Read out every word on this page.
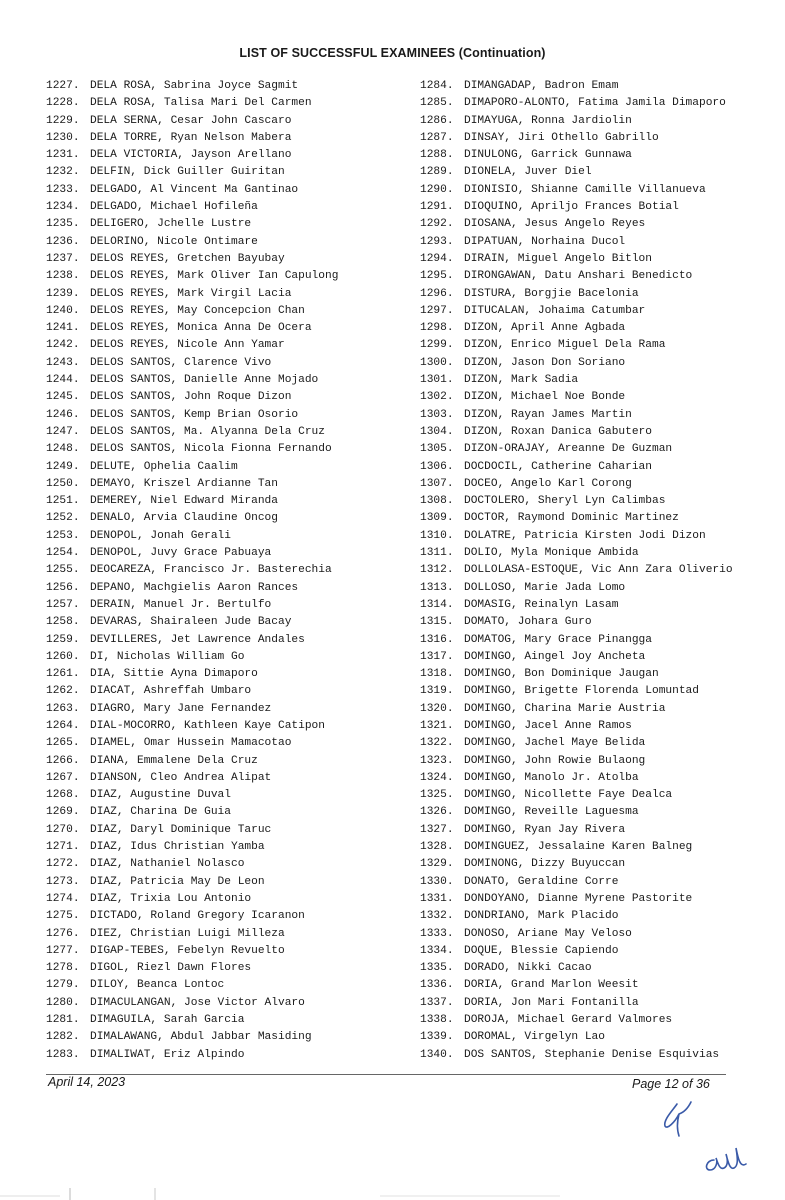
LIST OF SUCCESSFUL EXAMINEES (Continuation)
1227. DELA ROSA, Sabrina Joyce Sagmit
1228. DELA ROSA, Talisa Mari Del Carmen
1229. DELA SERNA, Cesar John Cascaro
1230. DELA TORRE, Ryan Nelson Mabera
1231. DELA VICTORIA, Jayson Arellano
1232. DELFIN, Dick Guiller Guiritan
1233. DELGADO, Al Vincent Ma Gantinao
1234. DELGADO, Michael Hofileña
1235. DELIGERO, Jchelle Lustre
1236. DELORINO, Nicole Ontimare
1237. DELOS REYES, Gretchen Bayubay
1238. DELOS REYES, Mark Oliver Ian Capulong
1239. DELOS REYES, Mark Virgil Lacia
1240. DELOS REYES, May Concepcion Chan
1241. DELOS REYES, Monica Anna De Ocera
1242. DELOS REYES, Nicole Ann Yamar
1243. DELOS SANTOS, Clarence Vivo
1244. DELOS SANTOS, Danielle Anne Mojado
1245. DELOS SANTOS, John Roque Dizon
1246. DELOS SANTOS, Kemp Brian Osorio
1247. DELOS SANTOS, Ma. Alyanna Dela Cruz
1248. DELOS SANTOS, Nicola Fionna Fernando
1249. DELUTE, Ophelia Caalim
1250. DEMAYO, Kriszel Ardianne Tan
1251. DEMEREY, Niel Edward Miranda
1252. DENALO, Arvia Claudine Oncog
1253. DENOPOL, Jonah Gerali
1254. DENOPOL, Juvy Grace Pabuaya
1255. DEOCAREZA, Francisco Jr. Basterechia
1256. DEPANO, Machgielis Aaron Rances
1257. DERAIN, Manuel Jr. Bertulfo
1258. DEVARAS, Shairaleen Jude Bacay
1259. DEVILLERES, Jet Lawrence Andales
1260. DI, Nicholas William Go
1261. DIA, Sittie Ayna Dimaporo
1262. DIACAT, Ashreffah Umbaro
1263. DIAGRO, Mary Jane Fernandez
1264. DIAL-MOCORRO, Kathleen Kaye Catipon
1265. DIAMEL, Omar Hussein Mamacotao
1266. DIANA, Emmalene Dela Cruz
1267. DIANSON, Cleo Andrea Alipat
1268. DIAZ, Augustine Duval
1269. DIAZ, Charina De Guia
1270. DIAZ, Daryl Dominique Taruc
1271. DIAZ, Idus Christian Yamba
1272. DIAZ, Nathaniel Nolasco
1273. DIAZ, Patricia May De Leon
1274. DIAZ, Trixia Lou Antonio
1275. DICTADO, Roland Gregory Icaranon
1276. DIEZ, Christian Luigi Milleza
1277. DIGAP-TEBES, Febelyn Revuelto
1278. DIGOL, Riezl Dawn Flores
1279. DILOY, Beanca Lontoc
1280. DIMACULANGAN, Jose Victor Alvaro
1281. DIMAGUILA, Sarah Garcia
1282. DIMALAWANG, Abdul Jabbar Masiding
1283. DIMALIWAT, Eriz Alpindo
1284. DIMANGADAP, Badron Emam
1285. DIMAPORO-ALONTO, Fatima Jamila Dimaporo
1286. DIMAYUGA, Ronna Jardiolin
1287. DINSAY, Jiri Othello Gabrillo
1288. DINULONG, Garrick Gunnawa
1289. DIONELA, Juver Diel
1290. DIONISIO, Shianne Camille Villanueva
1291. DIOQUINO, Apriljo Frances Botial
1292. DIOSANA, Jesus Angelo Reyes
1293. DIPATUAN, Norhaina Ducol
1294. DIRAIN, Miguel Angelo Bitlon
1295. DIRONGAWAN, Datu Anshari Benedicto
1296. DISTURA, Borgjie Bacelonia
1297. DITUCALAN, Johaima Catumbar
1298. DIZON, April Anne Agbada
1299. DIZON, Enrico Miguel Dela Rama
1300. DIZON, Jason Don Soriano
1301. DIZON, Mark Sadia
1302. DIZON, Michael Noe Bonde
1303. DIZON, Rayan James Martin
1304. DIZON, Roxan Danica Gabutero
1305. DIZON-ORAJAY, Areanne De Guzman
1306. DOCDOCIL, Catherine Caharian
1307. DOCEO, Angelo Karl Corong
1308. DOCTOLERO, Sheryl Lyn Calimbas
1309. DOCTOR, Raymond Dominic Martinez
1310. DOLATRE, Patricia Kirsten Jodi Dizon
1311. DOLIO, Myla Monique Ambida
1312. DOLLOLASA-ESTOQUE, Vic Ann Zara Oliverio
1313. DOLLOSO, Marie Jada Lomo
1314. DOMASIG, Reinalyn Lasam
1315. DOMATO, Johara Guro
1316. DOMATOG, Mary Grace Pinangga
1317. DOMINGO, Aingel Joy Ancheta
1318. DOMINGO, Bon Dominique Jaugan
1319. DOMINGO, Brigette Florenda Lomuntad
1320. DOMINGO, Charina Marie Austria
1321. DOMINGO, Jacel Anne Ramos
1322. DOMINGO, Jachel Maye Belida
1323. DOMINGO, John Rowie Bulaong
1324. DOMINGO, Manolo Jr. Atolba
1325. DOMINGO, Nicollette Faye Dealca
1326. DOMINGO, Reveille Laguesma
1327. DOMINGO, Ryan Jay Rivera
1328. DOMINGUEZ, Jessalaine Karen Balneg
1329. DOMINONG, Dizzy Buyuccan
1330. DONATO, Geraldine Corre
1331. DONDOYANO, Dianne Myrene Pastorite
1332. DONDRIANO, Mark Placido
1333. DONOSO, Ariane May Veloso
1334. DOQUE, Blessie Capiendo
1335. DORADO, Nikki Cacao
1336. DORIA, Grand Marlon Weesit
1337. DORIA, Jon Mari Fontanilla
1338. DOROJA, Michael Gerard Valmores
1339. DOROMAL, Virgelyn Lao
1340. DOS SANTOS, Stephanie Denise Esquivias
April 14, 2023	Page 12 of 36
